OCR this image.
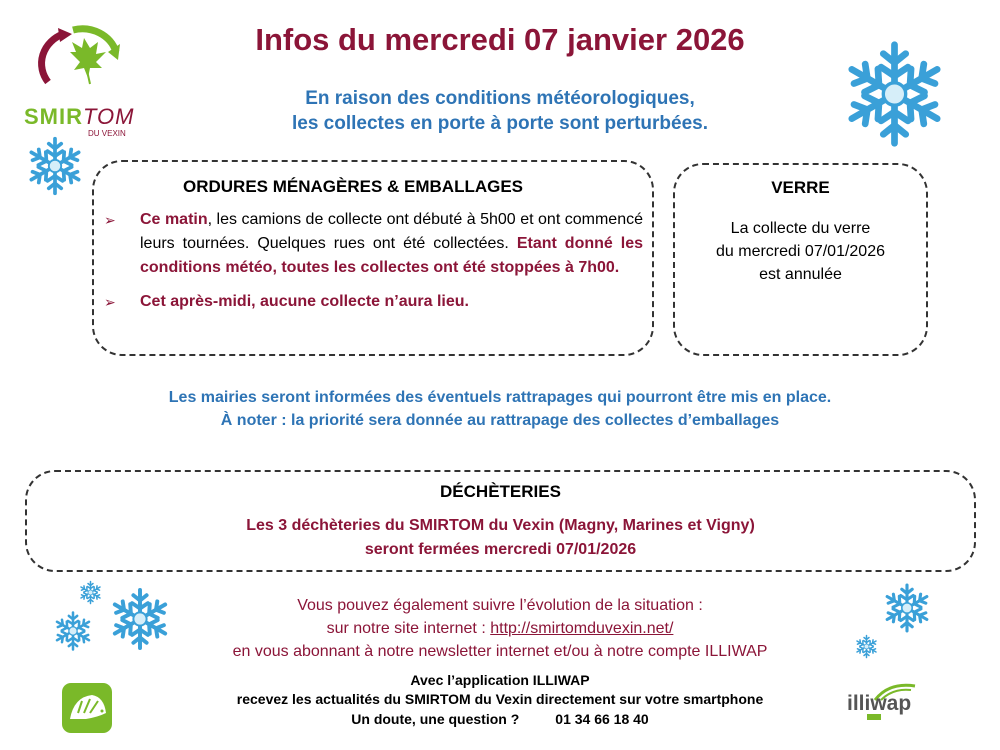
SMIRTOM
DU VEXIN
Infos du mercredi 07 janvier 2026
En raison des conditions météorologiques,
les collectes en porte à porte sont perturbées.
ORDURES MÉNAGÈRES & EMBALLAGES
➢ Ce matin, les camions de collecte ont débuté à 5h00 et ont commencé leurs tournées. Quelques rues ont été collectées. Etant donné les conditions météo, toutes les collectes ont été stoppées à 7h00.
➢ Cet après-midi, aucune collecte n’aura lieu.
VERRE
La collecte du verre
du mercredi 07/01/2026
est annulée
Les mairies seront informées des éventuels rattrapages qui pourront être mis en place.
À noter : la priorité sera donnée au rattrapage des collectes d’emballages
DÉCHÈTERIES
Les 3 déchèteries du SMIRTOM du Vexin (Magny, Marines et Vigny)
seront fermées mercredi 07/01/2026
Vous pouvez également suivre l’évolution de la situation :
sur notre site internet : http://smirtomduvexin.net/
en vous abonnant à notre newsletter internet et/ou à notre compte ILLIWAP
Avec l’application ILLIWAP
recevez les actualités du SMIRTOM du Vexin directement sur votre smartphone
Un doute, une question ?	01 34 66 18 40
illiwap
